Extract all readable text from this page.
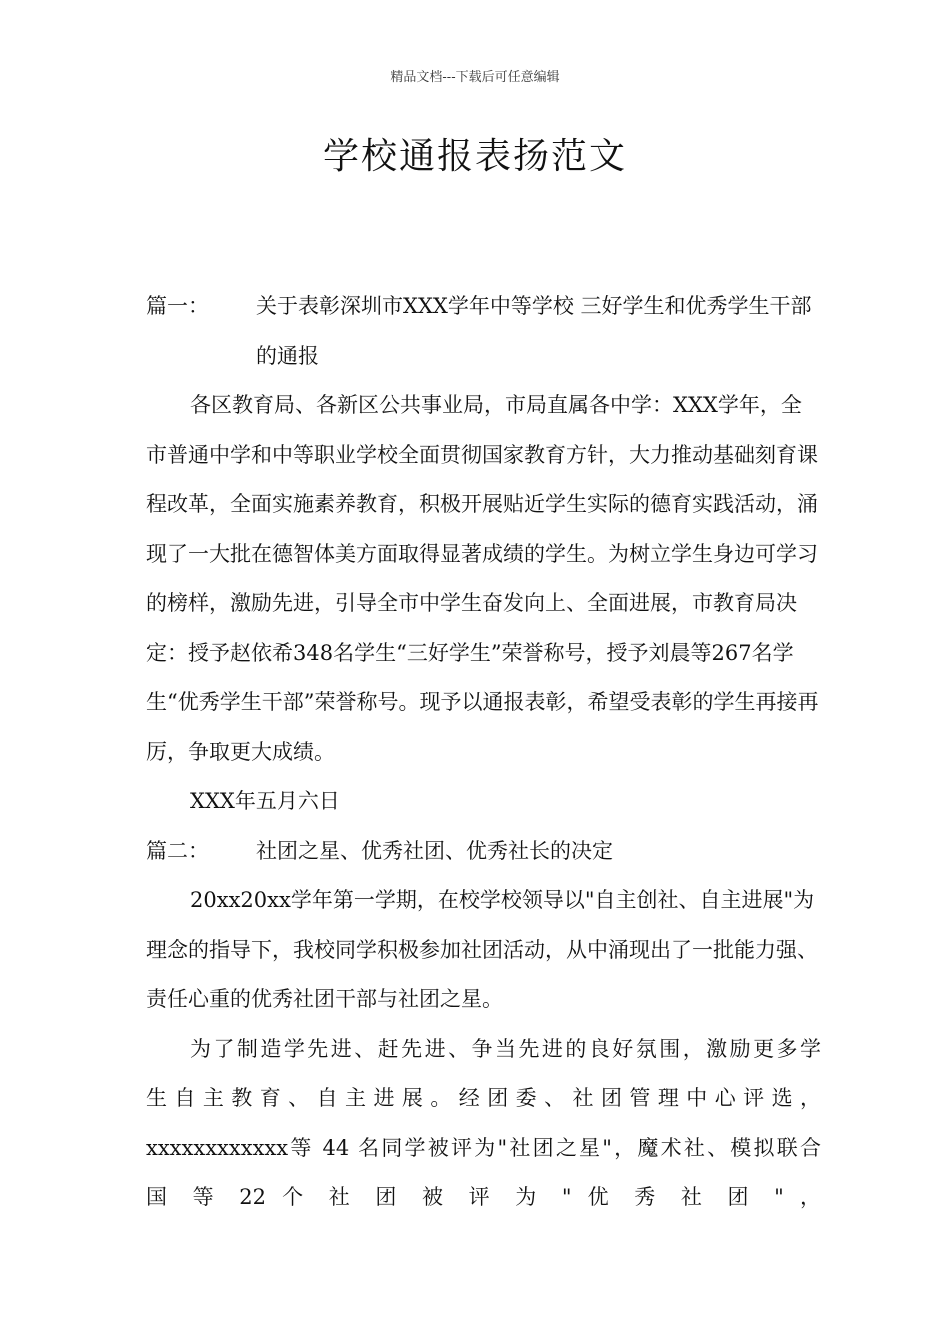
精品文档---下载后可任意编辑
学校通报表扬范文
篇一：	关于表彰深圳市XXX学年中等学校 三好学生和优秀学生干部的通报

各区教育局、各新区公共事业局，市局直属各中学：XXX学年，全市普通中学和中等职业学校全面贯彻国家教育方针，大力推动基础刻育课程改革，全面实施素养教育，积极开展贴近学生实际的德育实践活动，涌现了一大批在德智体美方面取得显著成绩的学生。为树立学生身边可学习的榜样，激励先进，引导全市中学生奋发向上、全面进展，市教育局决定：授予赵依希348名学生“三好学生”荣誉称号，授予刘晨等267名学生“优秀学生干部”荣誉称号。现予以通报表彰，希望受表彰的学生再接再厉，争取更大成绩。

XXX年五月六日

篇二：	社团之星、优秀社团、优秀社长的决定

20xx20xx学年第一学期，在校学校领导以"自主创社、自主进展"为理念的指导下，我校同学积极参加社团活动，从中涌现出了一批能力强、责任心重的优秀社团干部与社团之星。

为了制造学先进、赶先进、争当先进的良好氛围，激励更多学

生自主教育、自主进展。经团委、社团管理中心评选，

xxxxxxxxxxxx等 44 名同学被评为"社团之星"，魔术社、模拟联合

国 等 22 个 社 团 被 评 为 " 优 秀 社 团 " ，
